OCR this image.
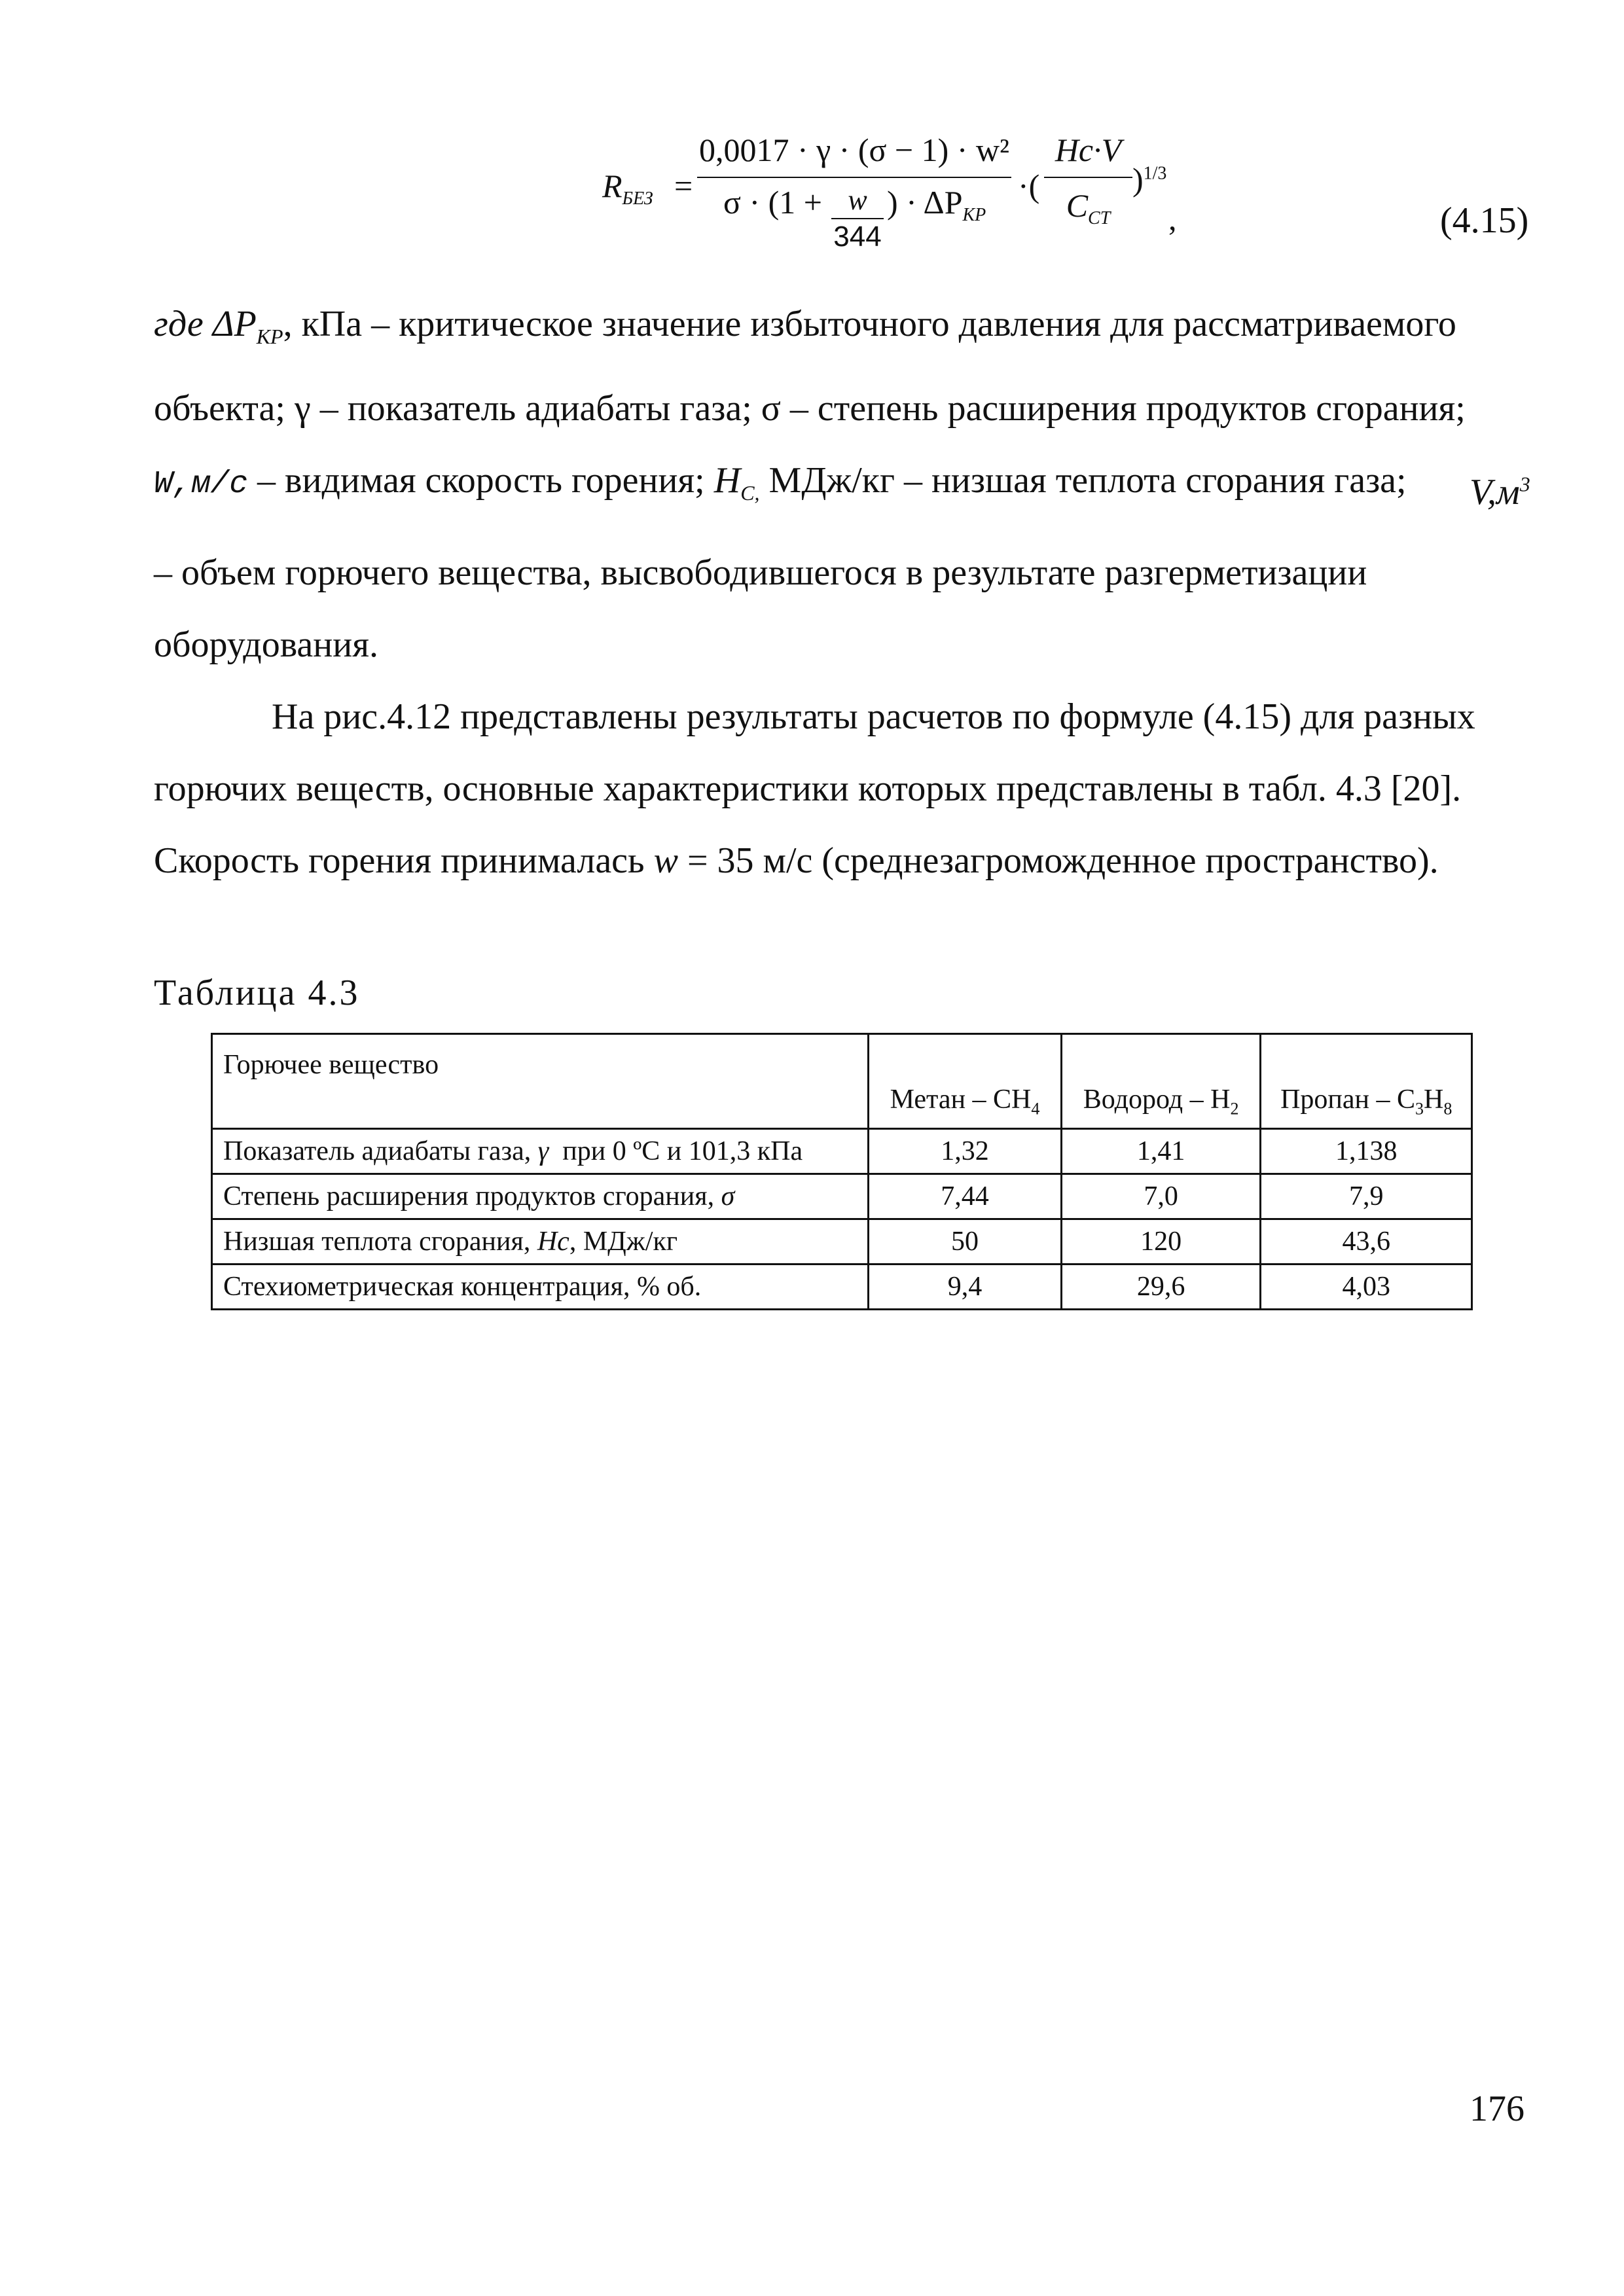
$R_{БЕЗ}$ =
0,0017 · γ · (σ − 1) · w²
σ · (1 + w
344
) · $\Delta P_{КР}$
·(
Hc·V
$C_{СТ}$
)$^{1/3}$
,	(4.15)
где $\Delta P_{КР}$, кПа – критическое значение избыточного давления для рассматриваемого
объекта; γ – показатель адиабаты газа; σ – степень расширения продуктов сгорания;
W,м/с – видимая скорость горения; $H_{C,}$ МДж/кг – низшая теплота сгорания газа;	$V,м^3$
– объем горючего вещества, высвободившегося в результате разгерметизации
оборудования.
На рис.4.12 представлены результаты расчетов по формуле (4.15) для разных
горючих веществ, основные характеристики которых представлены в табл. 4.3 [20].
Скорость горения принималась w = 35 м/с (среднезагроможденное пространство).
Таблица 4.3
Горючее вещество	Метан – $CH_4$	Водород – $H_2$	Пропан – $C_3H_8$
Показатель адиабаты газа, γ  при 0 ºC и 101,3 кПа	1,32	1,41	1,138
Степень расширения продуктов сгорания, σ	7,44	7,0	7,9
Низшая теплота сгорания, Нс, МДж/кг	50	120	43,6
Стехиометрическая концентрация, % об.	9,4	29,6	4,03
176
